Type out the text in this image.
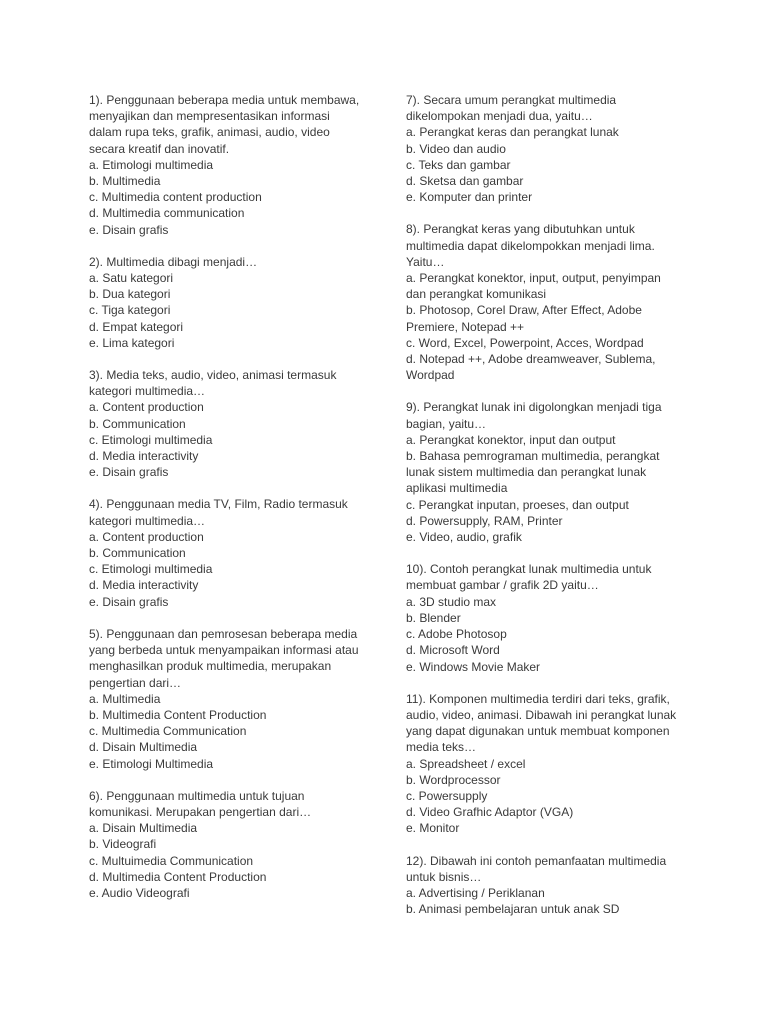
1). Penggunaan beberapa media untuk membawa,
menyajikan dan mempresentasikan informasi
dalam rupa teks, grafik, animasi, audio, video
secara kreatif dan inovatif.
a. Etimologi multimedia
b. Multimedia
c. Multimedia content production
d. Multimedia communication
e. Disain grafis
2). Multimedia dibagi menjadi…
a. Satu kategori
b. Dua kategori
c. Tiga kategori
d. Empat kategori
e. Lima kategori
3). Media teks, audio, video, animasi termasuk
kategori multimedia…
a. Content production
b. Communication
c. Etimologi multimedia
d. Media interactivity
e. Disain grafis
4). Penggunaan media TV, Film, Radio termasuk
kategori multimedia…
a. Content production
b. Communication
c. Etimologi multimedia
d. Media interactivity
e. Disain grafis
5). Penggunaan dan pemrosesan beberapa media
yang berbeda untuk menyampaikan informasi atau
menghasilkan produk multimedia, merupakan
pengertian dari…
a. Multimedia
b. Multimedia Content Production
c. Multimedia Communication
d. Disain Multimedia
e. Etimologi Multimedia
6). Penggunaan multimedia untuk tujuan
komunikasi. Merupakan pengertian dari…
a. Disain Multimedia
b. Videografi
c. Multuimedia Communication
d. Multimedia Content Production
e. Audio Videografi
7). Secara umum perangkat multimedia
dikelompokan menjadi dua, yaitu…
a. Perangkat keras dan perangkat lunak
b. Video dan audio
c. Teks dan gambar
d. Sketsa dan gambar
e. Komputer dan printer
8). Perangkat keras yang dibutuhkan untuk
multimedia dapat dikelompokkan menjadi lima.
Yaitu…
a. Perangkat konektor, input, output, penyimpan
dan perangkat komunikasi
b. Photosop, Corel Draw, After Effect, Adobe
Premiere, Notepad ++
c. Word, Excel, Powerpoint, Acces, Wordpad
d. Notepad ++, Adobe dreamweaver, Sublema,
Wordpad
9). Perangkat lunak ini digolongkan menjadi tiga
bagian, yaitu…
a. Perangkat konektor, input dan output
b. Bahasa pemrograman multimedia, perangkat
lunak sistem multimedia dan perangkat lunak
aplikasi multimedia
c. Perangkat inputan, proeses, dan output
d. Powersupply, RAM, Printer
e. Video, audio, grafik
10). Contoh perangkat lunak multimedia untuk
membuat gambar / grafik 2D yaitu…
a. 3D studio max
b. Blender
c. Adobe Photosop
d. Microsoft Word
e. Windows Movie Maker
11). Komponen multimedia terdiri dari teks, grafik,
audio, video, animasi. Dibawah ini perangkat lunak
yang dapat digunakan untuk membuat komponen
media teks…
a. Spreadsheet / excel
b. Wordprocessor
c. Powersupply
d. Video Grafhic Adaptor (VGA)
e. Monitor
12). Dibawah ini contoh pemanfaatan multimedia
untuk bisnis…
a. Advertising / Periklanan
b. Animasi pembelajaran untuk anak SD
